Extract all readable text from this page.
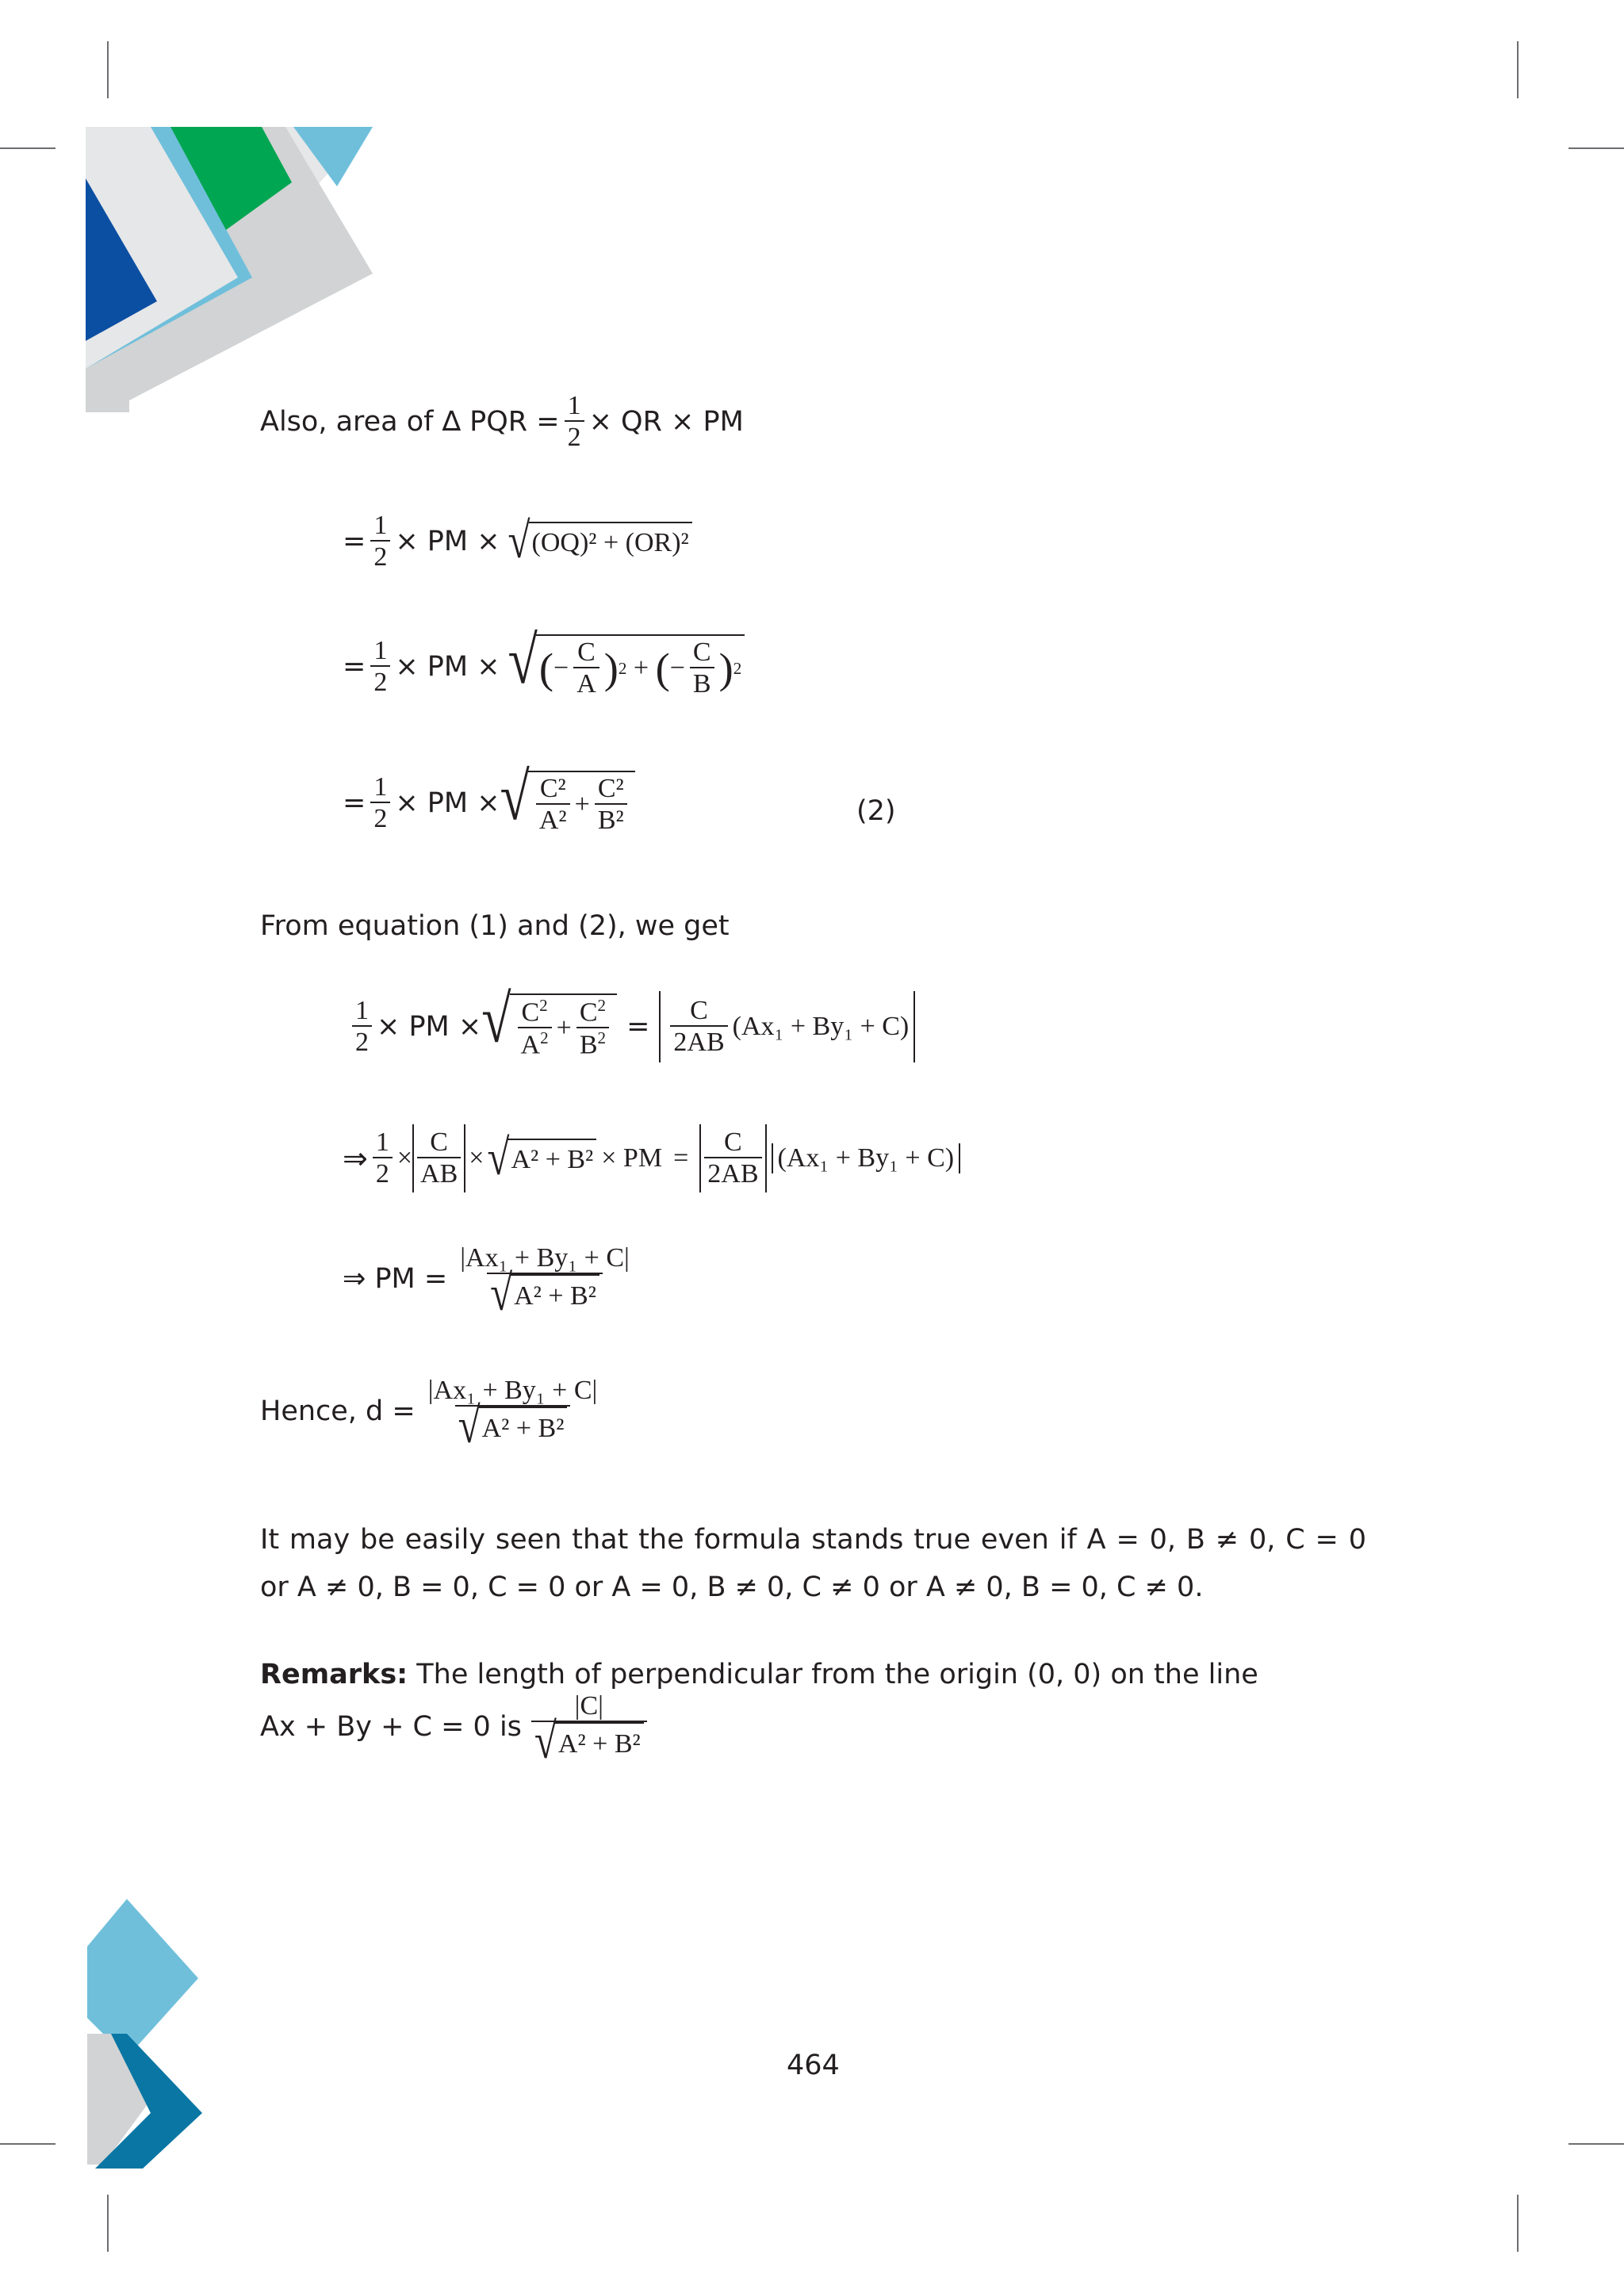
Also, area of ∆ PQR = $\frac{1}{2}$ × QR × PM
= $\frac{1}{2}$ × PM × √ (OQ)² + (OR)²
= $\frac{1}{2}$ × PM × √ ( − $\frac{C}{A}$ ) 2 + ( − $\frac{C}{B}$ ) 2
= $\frac{1}{2}$ × PM × √ $\frac{\text{C²}}{\text{A²}} + \frac{\text{C²}}{\text{B²}}$	(2)
From equation (1) and (2), we get
$\frac{1}{2}$ × PM × √ $\frac{C^2}{A^2} + \frac{C^2}{B^2} = \frac{C}{2AB} (Ax_1 + By_1 + C)$
⇒ $\frac{1}{2} \times \frac{C}{AB}$ × √ A² + B² × PM = $\frac{C}{2AB} (Ax_1 + By_1 + C)$
⇒ PM = $\frac{\text{|Ax₁ + By₁ + C|}}{\text{√ A² + B²}}$
Hence, $d = \frac{\text{|Ax₁ + By₁ + C|}}{\text{√ A² + B²}}$
It may be easily seen that the formula stands true even if A = 0, B ≠ 0, C = 0 or A ≠ 0, B = 0, C = 0 or A = 0, B ≠ 0, C ≠ 0 or A ≠ 0, B = 0, C ≠ 0.
Remarks: The length of perpendicular from the origin (0, 0) on the line
Ax + By + C = 0 is $\frac{|C|}{\text{√ A² + B²}}$
464
